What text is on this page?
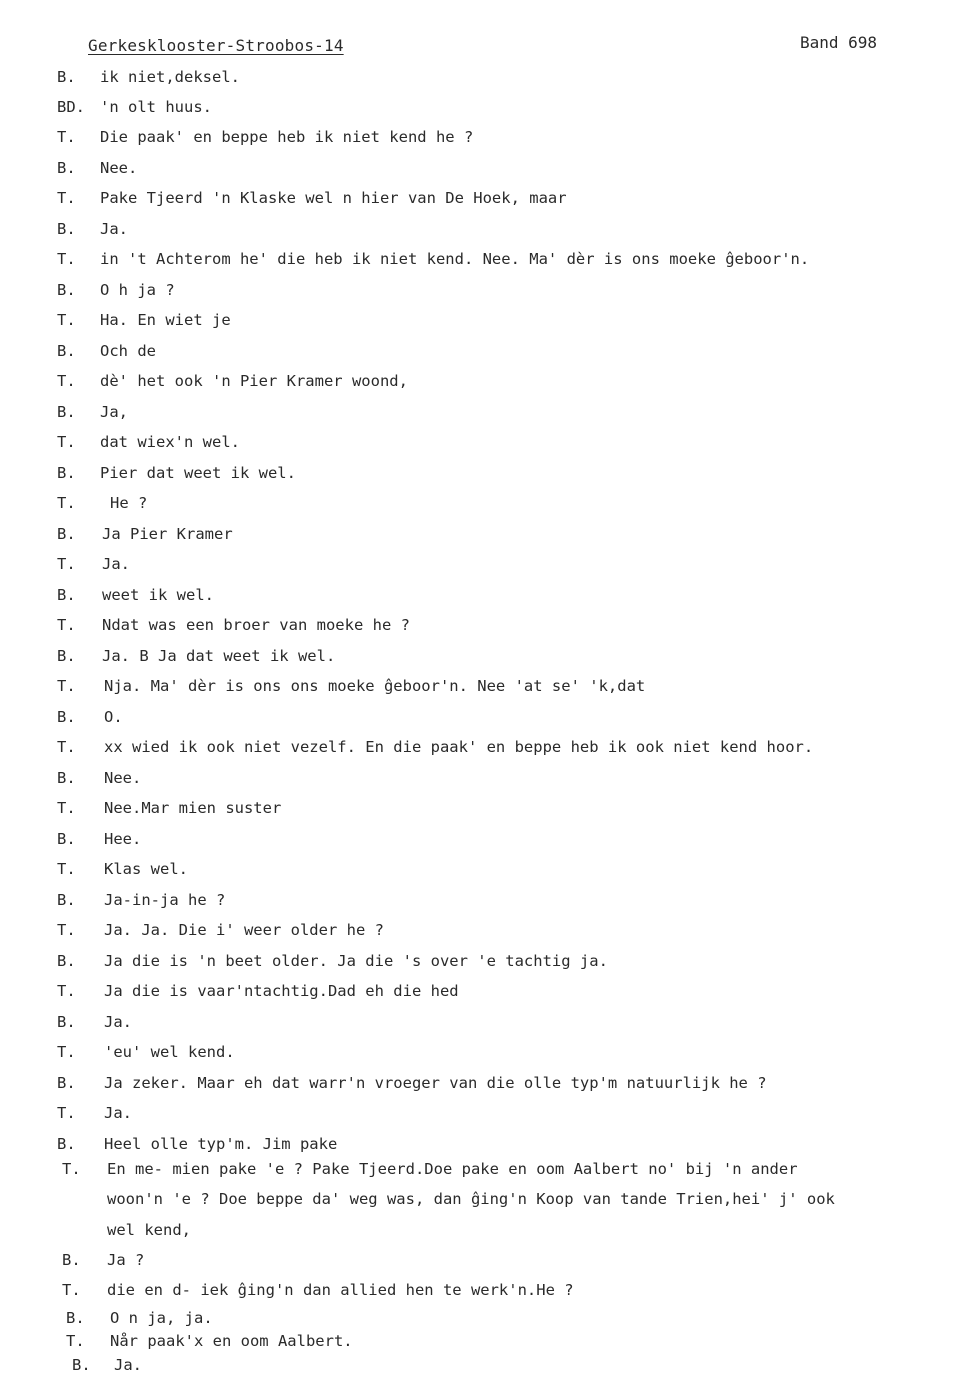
Gerkesklooster-Stroobos-14	Band 698
B.	ik niet,deksel.
BD. 'n olt huus.
T.	Die paak' en beppe heb ik niet kend he ?
B.	Nee.
T.	Pake Tjeerd 'n Klaske wel n hier van De Hoek, maar
B.	Ja.
T.	in 't Achterom he' die heb ik niet kend. Nee. Ma' dèr is ons moeke ĝeboor'n.
B.	O h ja ?
T.	Ha. En wiet je
B.	Och de
T.	dè' het ook 'n Pier Kramer woond,
B.	Ja,
T.	dat wiex'n wel.
B.	Pier dat weet ik wel.
T.	He ?
B.	Ja Pier Kramer
T.	Ja.
B.	weet ik wel.
T.	Ndat was een broer van moeke he ?
B.	Ja. B Ja dat weet ik wel.
T.	Nja. Ma' dèr is ons ons moeke ĝeboor'n. Nee 'at se' 'k,dat
B.	O.
T.	xx wied ik ook niet vezelf. En die paak' en beppe heb ik ook niet kend hoor.
B.	Nee.
T.	Nee.Mar mien suster
B.	Hee.
T.	Klas wel.
B.	Ja-in-ja he ?
T.	Ja. Ja. Die i' weer older he ?
B.	Ja die is 'n beet older. Ja die 's over 'e tachtig ja.
T.	Ja die is vaar'ntachtig.Dad eh die hed
B.	Ja.
T.	'eu' wel kend.
B.	Ja zeker. Maar eh dat warr'n vroeger van die olle typ'm natuurlijk he ?
T.	Ja.
B.	Heel olle typ'm. Jim pake
T.	En me- mien pake 'e ? Pake Tjeerd.Doe pake en oom Aalbert no' bij 'n ander
woon'n 'e ? Doe beppe da' weg was, dan ĝing'n Koop van tande Trien,hei' j' ook
wel kend,
B.	Ja ?
T.	die en d- iek ĝing'n dan allied hen te werk'n.He ?
B.	O n ja, ja.
T.	Når paak'x en oom Aalbert.
B.	Ja.
